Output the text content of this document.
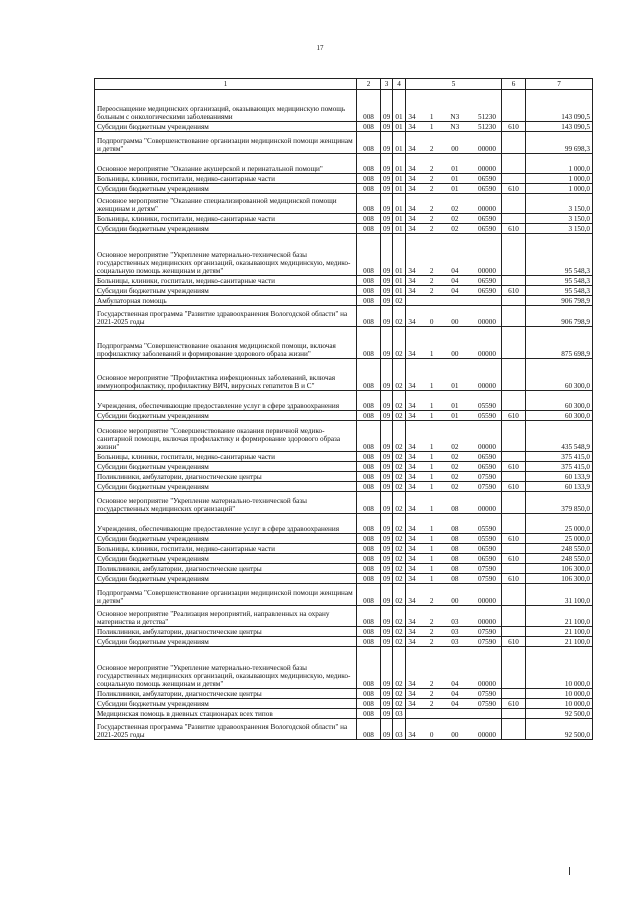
17
1	2	3	4	5	6	7
Переоснащение медицинских организаций, оказывающих медицинскую помощь больным с онкологическими заболеваниями	008	09	01	34 1 N3 51230		143 090,5
Субсидии бюджетным учреждениям	008	09	01	34 1 N3 51230	610	143 090,5
Подпрограмма "Совершенствование организации медицинской помощи женщинам и детям"	008	09	01	34 2 00 00000		99 698,3
Основное мероприятие "Оказание акушерской и перинатальной помощи"	008	09	01	34 2 01 00000		1 000,0
Больницы, клиники, госпитали, медико-санитарные части	008	09	01	34 2 01 06590		1 000,0
Субсидии бюджетным учреждениям	008	09	01	34 2 01 06590	610	1 000,0
Основное мероприятие "Оказание специализированной медицинской помощи женщинам и детям"	008	09	01	34 2 02 00000		3 150,0
Больницы, клиники, госпитали, медико-санитарные части	008	09	01	34 2 02 06590		3 150,0
Субсидии бюджетным учреждениям	008	09	01	34 2 02 06590	610	3 150,0
Основное мероприятие "Укрепление материально-технической базы государственных медицинских организаций, оказывающих медицинскую, медико-социальную помощь женщинам и детям"	008	09	01	34 2 04 00000		95 548,3
Больницы, клиники, госпитали, медико-санитарные части	008	09	01	34 2 04 06590		95 548,3
Субсидии бюджетным учреждениям	008	09	01	34 2 04 06590	610	95 548,3
Амбулаторная помощь	008	09	02			906 798,9
Государственная программа "Развитие здравоохранения Вологодской области" на 2021-2025 годы	008	09	02	34 0 00 00000		906 798,9
Подпрограмма "Совершенствование оказания медицинской помощи, включая профилактику заболеваний и формирование здорового образа жизни"	008	09	02	34 1 00 00000		875 698,9
Основное мероприятие "Профилактика инфекционных заболеваний, включая иммунопрофилактику, профилактику ВИЧ, вирусных гепатитов В и С"	008	09	02	34 1 01 00000		60 300,0
Учреждения, обеспечивающие предоставление услуг в сфере здравоохранения	008	09	02	34 1 01 05590		60 300,0
Субсидии бюджетным учреждениям	008	09	02	34 1 01 05590	610	60 300,0
Основное мероприятие "Совершенствование оказания первичной медико-санитарной помощи, включая профилактику и формирование здорового образа жизни"	008	09	02	34 1 02 00000		435 548,9
Больницы, клиники, госпитали, медико-санитарные части	008	09	02	34 1 02 06590		375 415,0
Субсидии бюджетным учреждениям	008	09	02	34 1 02 06590	610	375 415,0
Поликлиники, амбулатории, диагностические центры	008	09	02	34 1 02 07590		60 133,9
Субсидии бюджетным учреждениям	008	09	02	34 1 02 07590	610	60 133,9
Основное мероприятие "Укрепление материально-технической базы государственных медицинских организаций"	008	09	02	34 1 08 00000		379 850,0
Учреждения, обеспечивающие предоставление услуг в сфере здравоохранения	008	09	02	34 1 08 05590		25 000,0
Субсидии бюджетным учреждениям	008	09	02	34 1 08 05590	610	25 000,0
Больницы, клиники, госпитали, медико-санитарные части	008	09	02	34 1 08 06590		248 550,0
Субсидии бюджетным учреждениям	008	09	02	34 1 08 06590	610	248 550,0
Поликлиники, амбулатории, диагностические центры	008	09	02	34 1 08 07590		106 300,0
Субсидии бюджетным учреждениям	008	09	02	34 1 08 07590	610	106 300,0
Подпрограмма "Совершенствование организации медицинской помощи женщинам и детям"	008	09	02	34 2 00 00000		31 100,0
Основное мероприятие "Реализация мероприятий, направленных на охрану материнства и детства"	008	09	02	34 2 03 00000		21 100,0
Поликлиники, амбулатории, диагностические центры	008	09	02	34 2 03 07590		21 100,0
Субсидии бюджетным учреждениям	008	09	02	34 2 03 07590	610	21 100,0
Основное мероприятие "Укрепление материально-технической базы государственных медицинских организаций, оказывающих медицинскую, медико-социальную помощь женщинам и детям"	008	09	02	34 2 04 00000		10 000,0
Поликлиники, амбулатории, диагностические центры	008	09	02	34 2 04 07590		10 000,0
Субсидии бюджетным учреждениям	008	09	02	34 2 04 07590	610	10 000,0
Медицинская помощь в дневных стационарах всех типов	008	09	03			92 500,0
Государственная программа "Развитие здравоохранения Вологодской области" на 2021-2025 годы	008	09	03	34 0 00 00000		92 500,0
